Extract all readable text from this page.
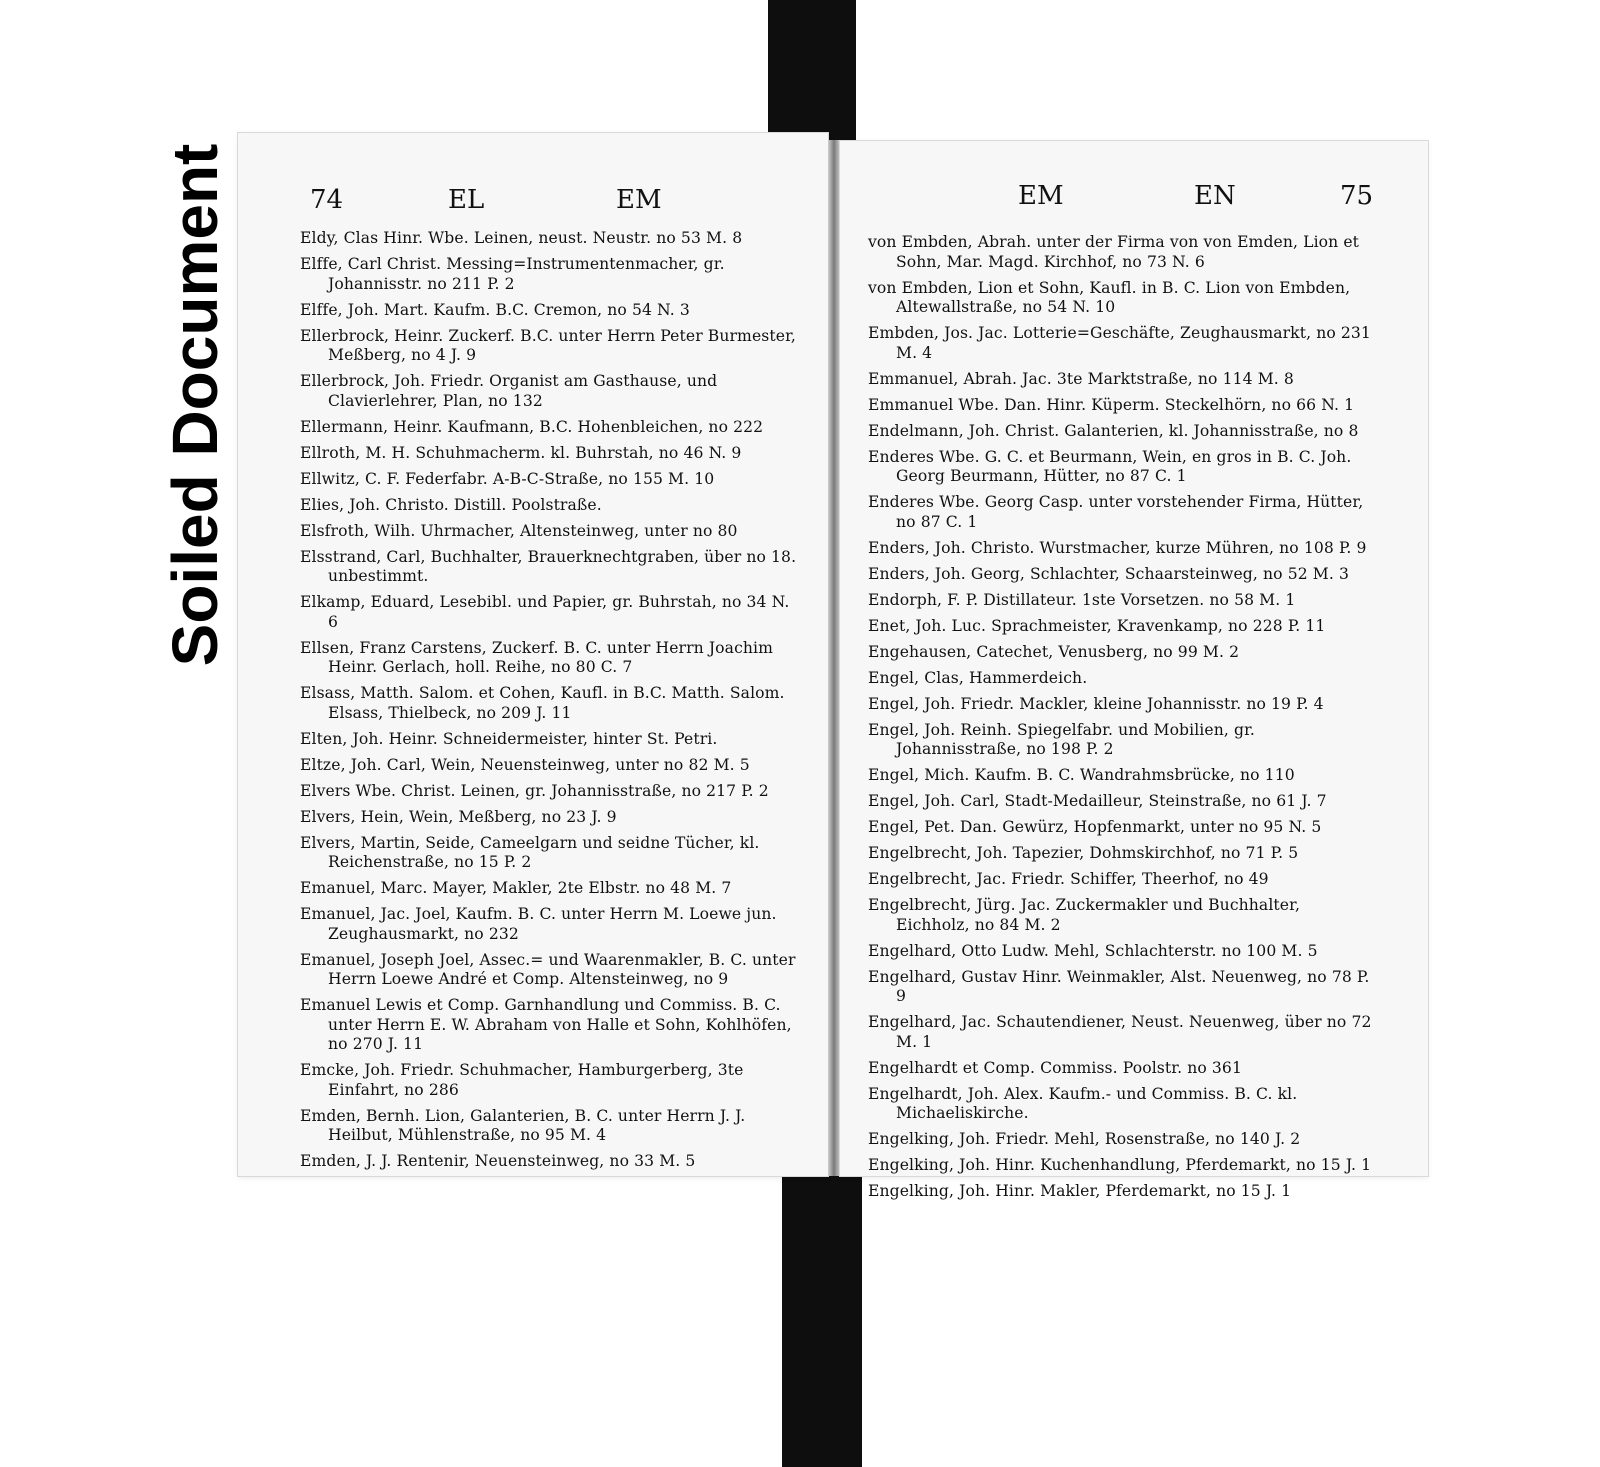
Soiled Document	74	EL	EM
Eldy, Clas Hinr. Wbe. Leinen, neust. Neustr. no 53 M. 8
Elffe, Carl Christ. Messing=Instrumentenmacher, gr. Johannisstr. no 211 P. 2
Elffe, Joh. Mart. Kaufm. B.C. Cremon, no 54 N. 3
Ellerbrock, Heinr. Zuckerf. B.C. unter Herrn Peter Burmester, Meßberg, no 4 J. 9
Ellerbrock, Joh. Friedr. Organist am Gasthause, und Clavierlehrer, Plan, no 132
Ellermann, Heinr. Kaufmann, B.C. Hohenbleichen, no 222
Ellroth, M. H. Schuhmacherm. kl. Buhrstah, no 46 N. 9
Ellwitz, C. F. Federfabr. A-B-C-Straße, no 155 M. 10
Elies, Joh. Christo. Distill. Poolstraße.
Elsfroth, Wilh. Uhrmacher, Altensteinweg, unter no 80
Elsstrand, Carl, Buchhalter, Brauerknechtgraben, über no 18. unbestimmt.
Elkamp, Eduard, Lesebibl. und Papier, gr. Buhrstah, no 34 N. 6
Ellsen, Franz Carstens, Zuckerf. B. C. unter Herrn Joachim Heinr. Gerlach, holl. Reihe, no 80 C. 7
Elsass, Matth. Salom. et Cohen, Kaufl. in B.C. Matth. Salom. Elsass, Thielbeck, no 209 J. 11
Elten, Joh. Heinr. Schneidermeister, hinter St. Petri.
Eltze, Joh. Carl, Wein, Neuensteinweg, unter no 82 M. 5
Elvers Wbe. Christ. Leinen, gr. Johannisstraße, no 217 P. 2
Elvers, Hein, Wein, Meßberg, no 23 J. 9
Elvers, Martin, Seide, Cameelgarn und seidne Tücher, kl. Reichenstraße, no 15 P. 2
Emanuel, Marc. Mayer, Makler, 2te Elbstr. no 48 M. 7
Emanuel, Jac. Joel, Kaufm. B. C. unter Herrn M. Loewe jun. Zeughausmarkt, no 232
Emanuel, Joseph Joel, Assec.= und Waarenmakler, B. C. unter Herrn Loewe André et Comp. Altensteinweg, no 9
Emanuel Lewis et Comp. Garnhandlung und Commiss. B. C. unter Herrn E. W. Abraham von Halle et Sohn, Kohlhöfen, no 270 J. 11
Emcke, Joh. Friedr. Schuhmacher, Hamburgerberg, 3te Einfahrt, no 286
Emden, Bernh. Lion, Galanterien, B. C. unter Herrn J. J. Heilbut, Mühlenstraße, no 95 M. 4
Emden, J. J. Rentenir, Neuensteinweg, no 33 M. 5
EM	EN	75
von Embden, Abrah. unter der Firma von von Emden, Lion et Sohn, Mar. Magd. Kirchhof, no 73 N. 6
von Embden, Lion et Sohn, Kaufl. in B. C. Lion von Embden, Altewallstraße, no 54 N. 10
Embden, Jos. Jac. Lotterie=Geschäfte, Zeughausmarkt, no 231 M. 4
Emmanuel, Abrah. Jac. 3te Marktstraße, no 114 M. 8
Emmanuel Wbe. Dan. Hinr. Küperm. Steckelhörn, no 66 N. 1
Endelmann, Joh. Christ. Galanterien, kl. Johannisstraße, no 8
Enderes Wbe. G. C. et Beurmann, Wein, en gros in B. C. Joh. Georg Beurmann, Hütter, no 87 C. 1
Enderes Wbe. Georg Casp. unter vorstehender Firma, Hütter, no 87 C. 1
Enders, Joh. Christo. Wurstmacher, kurze Mühren, no 108 P. 9
Enders, Joh. Georg, Schlachter, Schaarsteinweg, no 52 M. 3
Endorph, F. P. Distillateur. 1ste Vorsetzen. no 58 M. 1
Enet, Joh. Luc. Sprachmeister, Kravenkamp, no 228 P. 11
Engehausen, Catechet, Venusberg, no 99 M. 2
Engel, Clas, Hammerdeich.
Engel, Joh. Friedr. Mackler, kleine Johannisstr. no 19 P. 4
Engel, Joh. Reinh. Spiegelfabr. und Mobilien, gr. Johannisstraße, no 198 P. 2
Engel, Mich. Kaufm. B. C. Wandrahmsbrücke, no 110
Engel, Joh. Carl, Stadt-Medailleur, Steinstraße, no 61 J. 7
Engel, Pet. Dan. Gewürz, Hopfenmarkt, unter no 95 N. 5
Engelbrecht, Joh. Tapezier, Dohmskirchhof, no 71 P. 5
Engelbrecht, Jac. Friedr. Schiffer, Theerhof, no 49
Engelbrecht, Jürg. Jac. Zuckermakler und Buchhalter, Eichholz, no 84 M. 2
Engelhard, Otto Ludw. Mehl, Schlachterstr. no 100 M. 5
Engelhard, Gustav Hinr. Weinmakler, Alst. Neuenweg, no 78 P. 9
Engelhard, Jac. Schautendiener, Neust. Neuenweg, über no 72 M. 1
Engelhardt et Comp. Commiss. Poolstr. no 361
Engelhardt, Joh. Alex. Kaufm.- und Commiss. B. C. kl. Michaeliskirche.
Engelking, Joh. Friedr. Mehl, Rosenstraße, no 140 J. 2
Engelking, Joh. Hinr. Kuchenhandlung, Pferdemarkt, no 15 J. 1
Engelking, Joh. Hinr. Makler, Pferdemarkt, no 15 J. 1
